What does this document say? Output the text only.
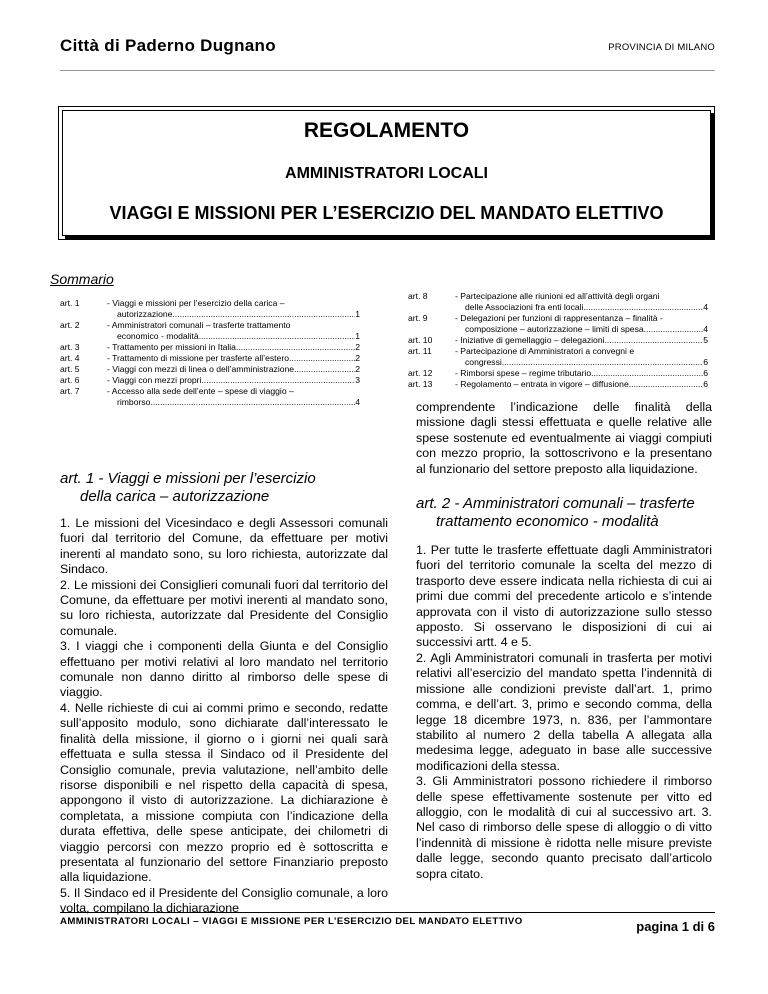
Città di Paderno Dugnano	PROVINCIA DI MILANO
REGOLAMENTO
AMMINISTRATORI LOCALI
VIAGGI E MISSIONI PER L’ESERCIZIO DEL MANDATO ELETTIVO
Sommario
art. 1	- Viaggi e missioni per l’esercizio della carica –
autorizzazione .....	1
art. 2	- Amministratori comunali – trasferte trattamento
economico - modalità .....	1
art. 3	- Trattamento per missioni in Italia .....	2
art. 4	- Trattamento di missione per trasferte all’estero .....	2
art. 5	- Viaggi con mezzi di linea o dell’amministrazione .....	2
art. 6	- Viaggi con mezzi propri .....	3
art. 7	- Accesso alla sede dell’ente – spese di viaggio –
rimborso .....	4
art. 8	- Partecipazione alle riunioni ed all’attività degli organi
delle Associazioni fra enti locali .....	4
art. 9	- Delegazioni per funzioni di rappresentanza – finalità -
composizione – autorizzazione – limiti di spesa .....	4
art. 10	- Iniziative di gemellaggio – delegazioni .....	5
art. 11	- Partecipazione di Amministratori a convegni e
congressi .....	6
art. 12	- Rimborsi spese – regime tributario .....	6
art. 13	- Regolamento – entrata in vigore – diffusione .....	6

art. 1 - Viaggi e missioni per l’esercizio
della carica – autorizzazione

1. Le missioni del Vicesindaco e degli Assessori comunali fuori dal territorio del Comune, da effettuare per motivi inerenti al mandato sono, su loro richiesta, autorizzate dal Sindaco.

2. Le missioni dei Consiglieri comunali fuori dal territorio del Comune, da effettuare per motivi inerenti al mandato sono, su loro richiesta, autorizzate dal Presidente del Consiglio comunale.

3. I viaggi che i componenti della Giunta e del Consiglio effettuano per motivi relativi al loro mandato nel territorio comunale non danno diritto al rimborso delle spese di viaggio.

4. Nelle richieste di cui ai commi primo e secondo, redatte sull’apposito modulo, sono dichiarate dall’interessato le finalità della missione, il giorno o i giorni nei quali sarà effettuata e sulla stessa il Sindaco od il Presidente del Consiglio comunale, previa valutazione, nell’ambito delle risorse disponibili e nel rispetto della capacità di spesa, appongono il visto di autorizzazione. La dichiarazione è completata, a missione compiuta con l’indicazione della durata effettiva, delle spese anticipate, dei chilometri di viaggio percorsi con mezzo proprio ed è sottoscritta e presentata al funzionario del settore Finanziario preposto alla liquidazione.

5. Il Sindaco ed il Presidente del Consiglio comunale, a loro volta, compilano la dichiarazione

comprendente l’indicazione delle finalità della missione dagli stessi effettuata e quelle relative alle spese sostenute ed eventualmente ai viaggi compiuti con mezzo proprio, la sottoscrivono e la presentano al funzionario del settore preposto alla liquidazione.

art. 2 - Amministratori comunali – trasferte
trattamento economico - modalità

1. Per tutte le trasferte effettuate dagli Amministratori fuori del territorio comunale la scelta del mezzo di trasporto deve essere indicata nella richiesta di cui ai primi due commi del precedente articolo e s’intende approvata con il visto di autorizzazione sullo stesso apposto. Si osservano le disposizioni di cui ai successivi artt. 4 e 5.

2. Agli Amministratori comunali in trasferta per motivi relativi all’esercizio del mandato spetta l’indennità di missione alle condizioni previste dall’art. 1, primo comma, e dell’art. 3, primo e secondo comma, della legge 18 dicembre 1973, n. 836, per l’ammontare stabilito al numero 2 della tabella A allegata alla medesima legge, adeguato in base alle successive modificazioni della stessa.

3. Gli Amministratori possono richiedere il rimborso delle spese effettivamente sostenute per vitto ed alloggio, con le modalità di cui al successivo art. 3. Nel caso di rimborso delle spese di alloggio o di vitto l’indennità di missione è ridotta nelle misure previste dalle legge, secondo quanto precisato dall’articolo sopra citato.

AMMINISTRATORI LOCALI – VIAGGI E MISSIONE PER L’ESERCIZIO DEL MANDATO ELETTIVO	pagina 1 di 6
